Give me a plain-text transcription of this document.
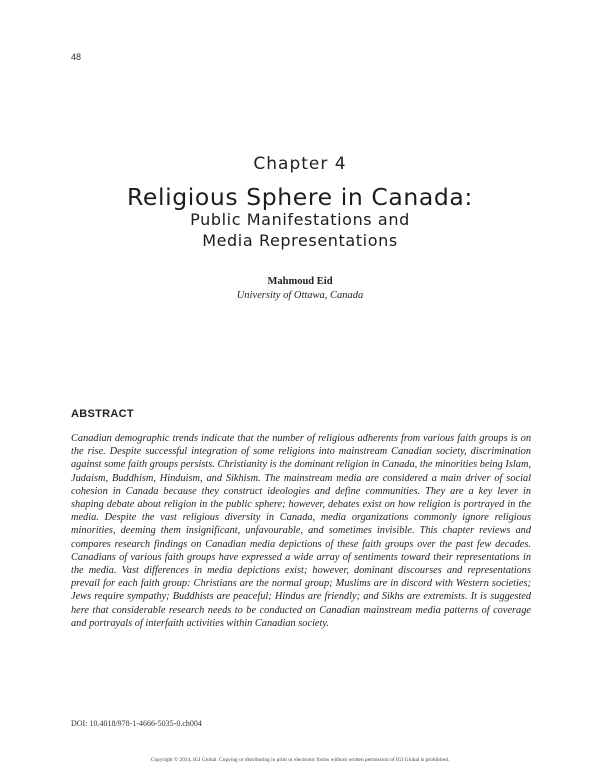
48
Chapter 4
Religious Sphere in Canada:
Public Manifestations and
Media Representations
Mahmoud Eid
University of Ottawa, Canada
ABSTRACT
Canadian demographic trends indicate that the number of religious adherents from various faith groups is on the rise. Despite successful integration of some religions into mainstream Canadian society, discrimination against some faith groups persists. Christianity is the dominant religion in Canada, the minorities being Islam, Judaism, Buddhism, Hinduism, and Sikhism. The mainstream media are considered a main driver of social cohesion in Canada because they construct ideologies and define communities. They are a key lever in shaping debate about religion in the public sphere; however, debates exist on how religion is portrayed in the media. Despite the vast religious diversity in Canada, media organizations commonly ignore religious minorities, deeming them insignificant, unfavourable, and sometimes invisible. This chapter reviews and compares research findings on Canadian media depictions of these faith groups over the past few decades. Canadians of various faith groups have expressed a wide array of sentiments toward their representations in the media. Vast differences in media depictions exist; however, dominant discourses and representations prevail for each faith group: Christians are the normal group; Muslims are in discord with Western societies; Jews require sympathy; Buddhists are peaceful; Hindus are friendly; and Sikhs are extremists. It is suggested here that considerable research needs to be conducted on Canadian mainstream media patterns of coverage and portrayals of interfaith activities within Canadian society.
DOI: 10.4018/978-1-4666-5035-0.ch004
Copyright © 2014, IGI Global. Copying or distributing in print or electronic forms without written permission of IGI Global is prohibited.
